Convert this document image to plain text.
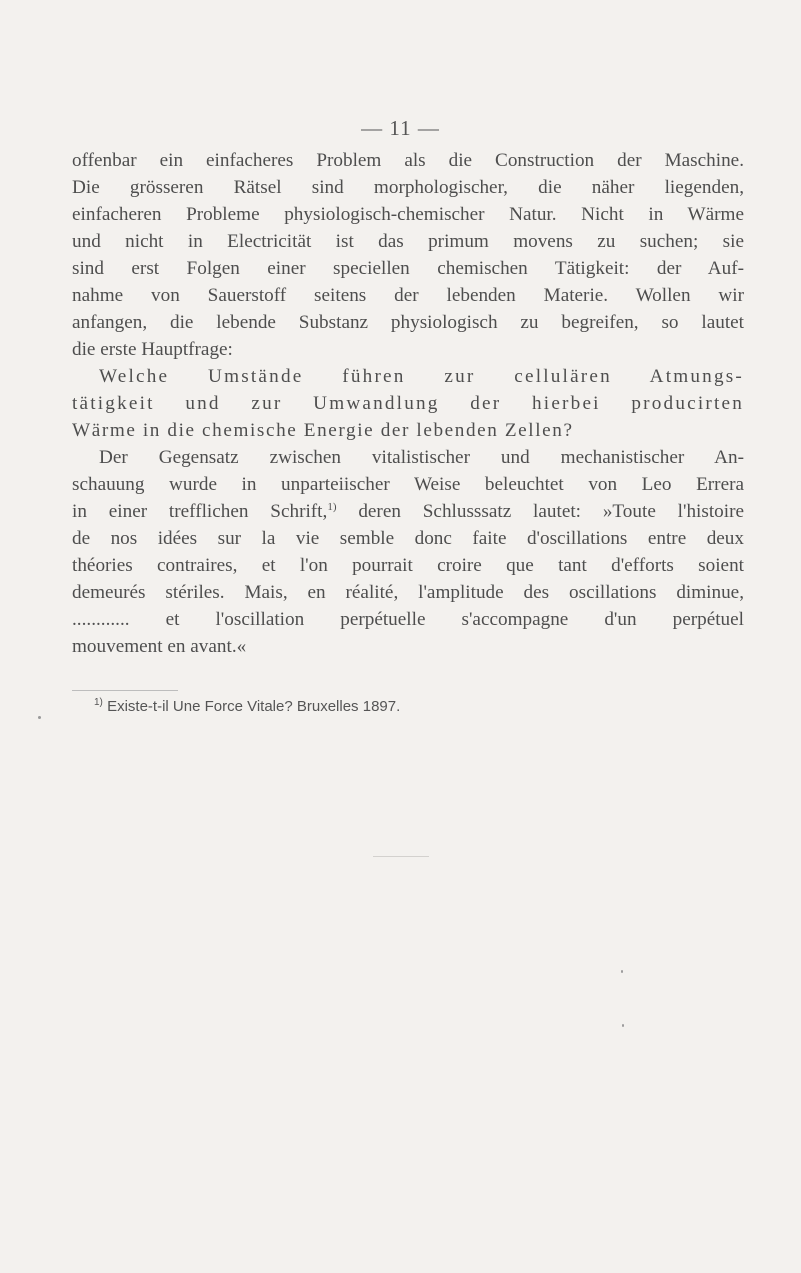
— 11 —
offenbar ein einfacheres Problem als die Construction der Maschine.
Die grösseren Rätsel sind morphologischer, die näher liegenden,
einfacheren Probleme physiologisch-chemischer Natur. Nicht in Wärme
und nicht in Electricität ist das primum movens zu suchen; sie
sind erst Folgen einer speciellen chemischen Tätigkeit: der Auf-
nahme von Sauerstoff seitens der lebenden Materie. Wollen wir
anfangen, die lebende Substanz physiologisch zu begreifen, so lautet
die erste Hauptfrage:
Welche Umstände führen zur cellulären Atmungs-
tätigkeit und zur Umwandlung der hierbei producirten
Wärme in die chemische Energie der lebenden Zellen?
Der Gegensatz zwischen vitalistischer und mechanistischer An-
schauung wurde in unparteiischer Weise beleuchtet von Leo Errera
in einer trefflichen Schrift,$^{1)}$ deren Schlusssatz lautet: »Toute l'histoire
de nos idées sur la vie semble donc faite d'oscillations entre deux
théories contraires, et l'on pourrait croire que tant d'efforts soient
demeurés stériles. Mais, en réalité, l'amplitude des oscillations diminue,
............ et l'oscillation perpétuelle s'accompagne d'un perpétuel
mouvement en avant.«
$^{1)}$ Existe-t-il Une Force Vitale? Bruxelles 1897.
